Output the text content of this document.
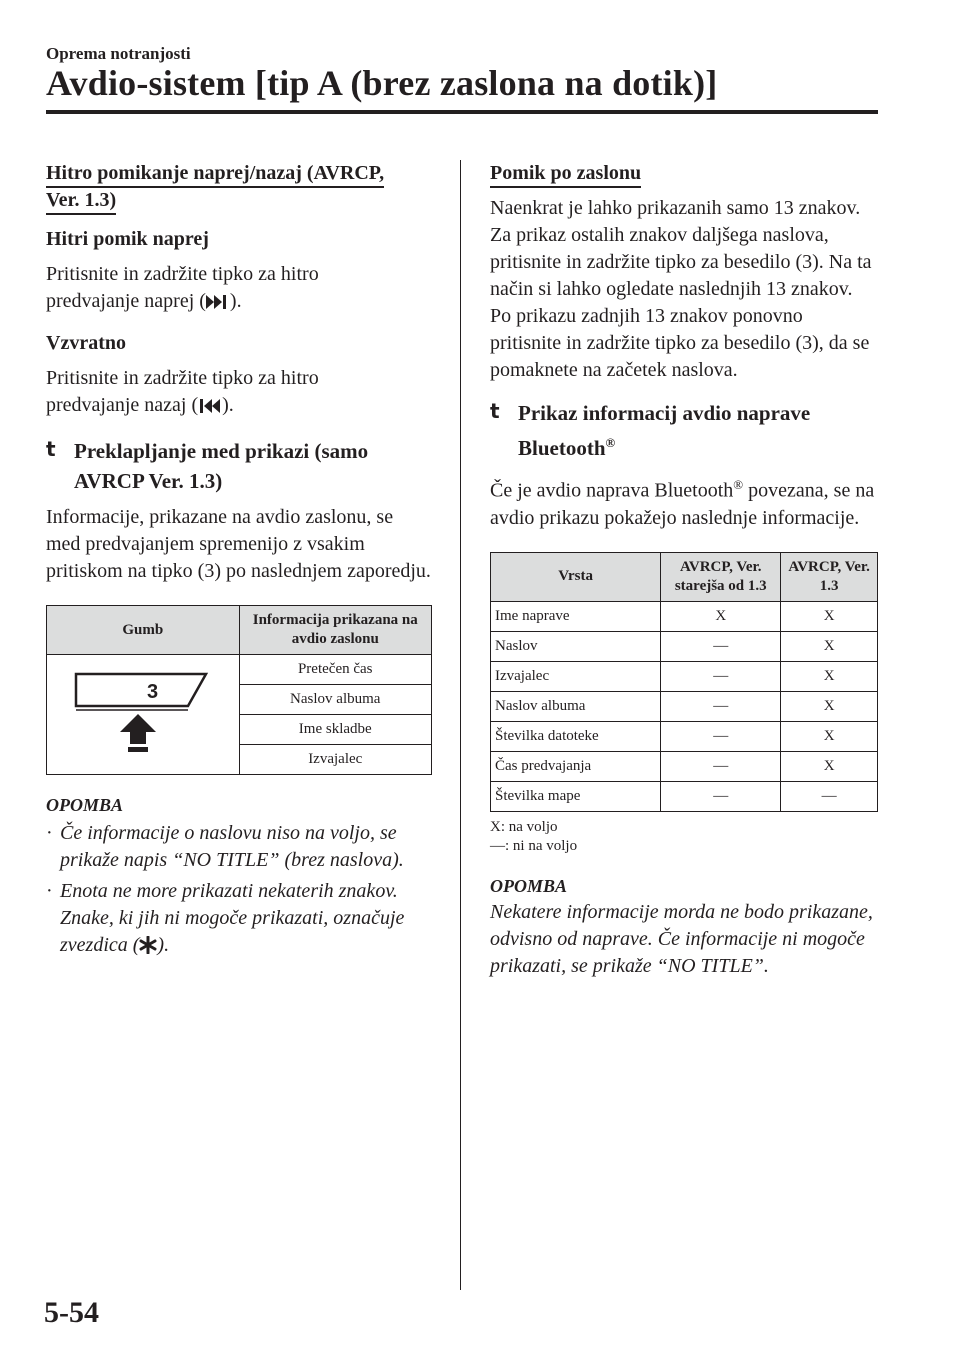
Oprema notranjosti
Avdio-sistem [tip A (brez zaslona na dotik)]
Hitro pomikanje naprej/nazaj (AVRCP,
Ver. 1.3)
Hitri pomik naprej

Pritisnite in zadržite tipko za hitro
predvajanje naprej ( ).

Vzvratno

Pritisnite in zadržite tipko za hitro
predvajanje nazaj ( ).

t Preklapljanje med prikazi (samo
AVRCP Ver. 1.3)

Informacije, prikazane na avdio zaslonu, se med predvajanjem spremenijo z vsakim pritiskom na tipko (3) po naslednjem zaporedju.

Gumb	Informacija prikazana na avdio zaslonu

3	Pretečen čas
	Naslov albuma
	Ime skladbe
	Izvajalec
OPOMBA
· Če informacije o naslovu niso na voljo, se prikaže napis “NO TITLE” (brez naslova).
· Enota ne more prikazati nekaterih znakov. Znake, ki jih ni mogoče prikazati, označuje zvezdica ( ).
Pomik po zaslonu

Naenkrat je lahko prikazanih samo 13 znakov. Za prikaz ostalih znakov daljšega naslova, pritisnite in zadržite tipko za besedilo (3). Na ta način si lahko ogledate naslednjih 13 znakov. Po prikazu zadnjih 13 znakov ponovno pritisnite in zadržite tipko za besedilo (3), da se pomaknete na začetek naslova.

t Prikaz informacij avdio naprave
Bluetooth®

Če je avdio naprava Bluetooth® povezana, se na avdio prikazu pokažejo naslednje informacije.

Vrsta	AVRCP, Ver. starejša od 1.3	AVRCP, Ver. 1.3
Ime naprave	X	X
Naslov	—	X
Izvajalec	—	X
Naslov albuma	—	X
Številka datoteke	—	X
Čas predvajanja	—	X
Številka mape	—	—
X: na voljo
—: ni na voljo
OPOMBA

Nekatere informacije morda ne bodo prikazane, odvisno od naprave. Če informacije ni mogoče prikazati, se prikaže “NO TITLE”.

5-54
